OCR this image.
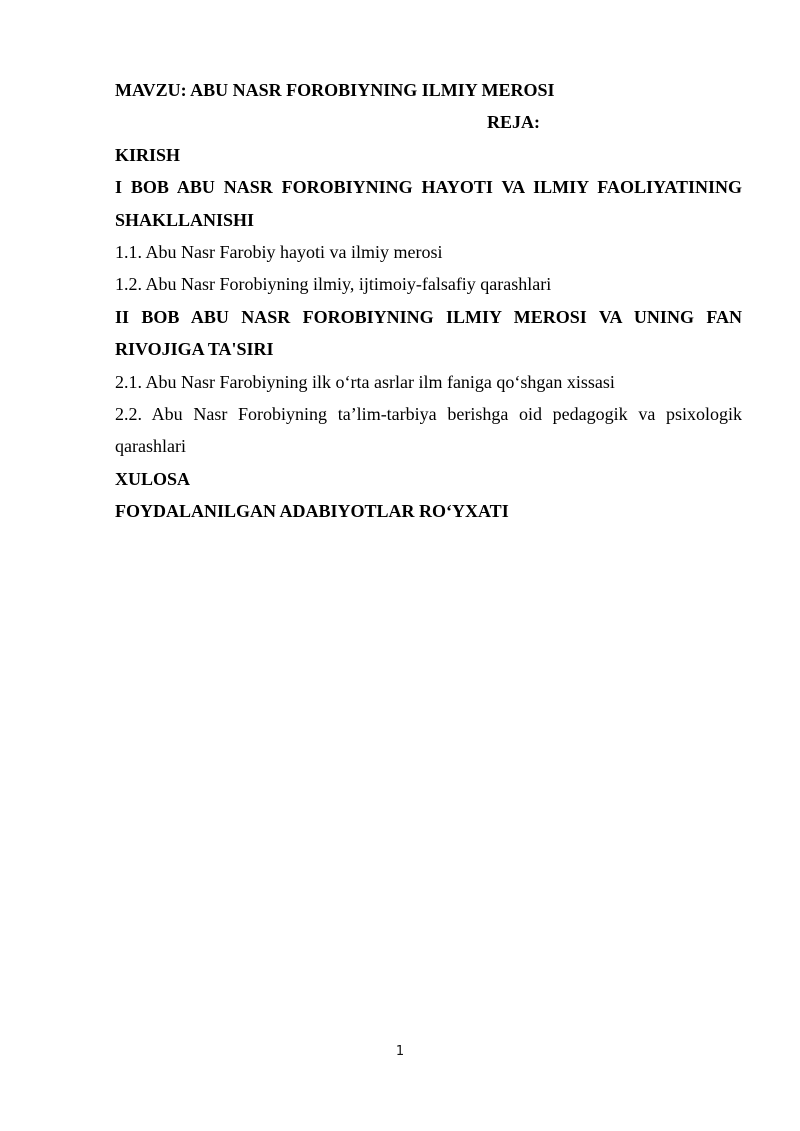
MAVZU: ABU NASR FOROBIYNING ILMIY MEROSI

REJA:

KIRISH

I BOB ABU NASR FOROBIYNING HAYOTI VA ILMIY FAOLIYATINING

SHAKLLANISHI

1.1. Abu Nasr Farobiy hayoti va ilmiy merosi

1.2. Abu Nasr Forobiyning ilmiy, ijtimoiy-falsafiy qarashlari

II BOB ABU NASR FOROBIYNING ILMIY MEROSI VA UNING FAN

RIVOJIGA TA'SIRI

2.1. Abu Nasr Farobiyning ilk o‘rta asrlar ilm faniga qo‘shgan xissasi

2.2. Abu Nasr Forobiyning ta’lim-tarbiya berishga oid pedagogik va psixologik

qarashlari

XULOSA

FOYDALANILGAN ADABIYOTLAR RO‘YXATI

1
